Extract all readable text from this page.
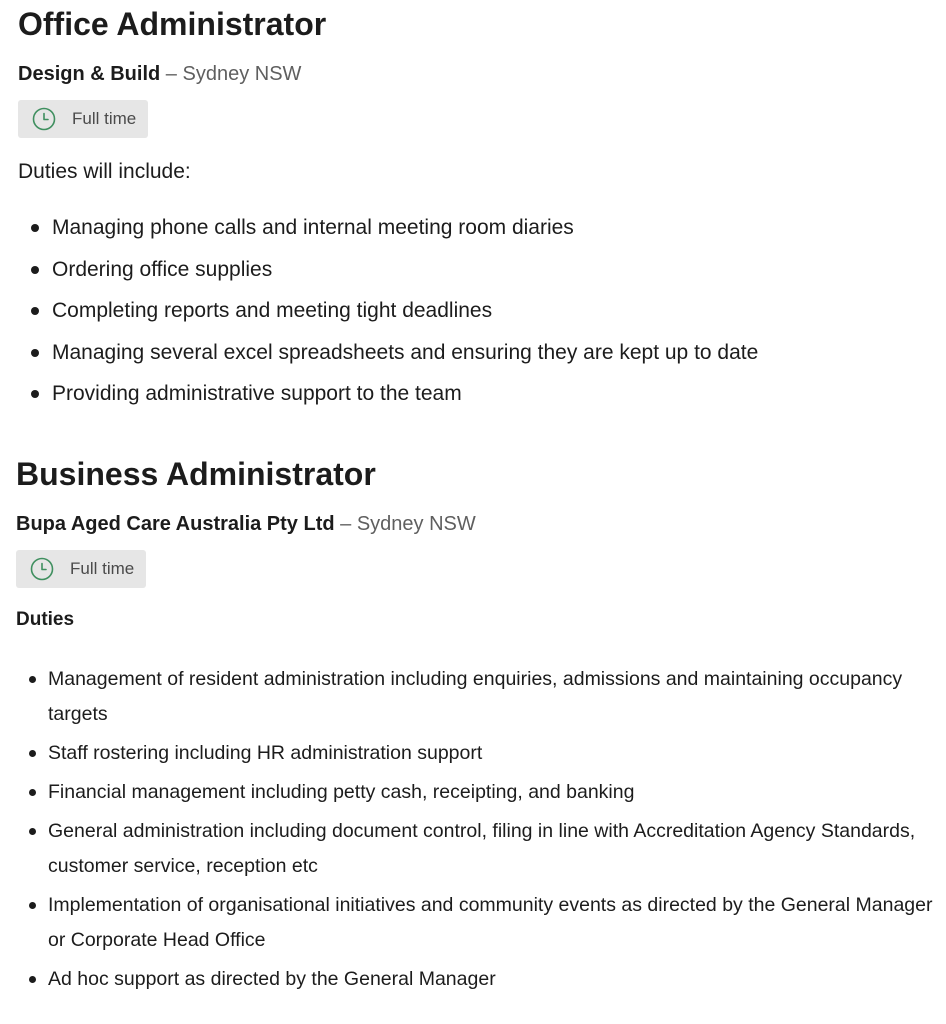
Office Administrator
Design & Build – Sydney NSW
Full time
Duties will include:
Managing phone calls and internal meeting room diaries
Ordering office supplies
Completing reports and meeting tight deadlines
Managing several excel spreadsheets and ensuring they are kept up to date
Providing administrative support to the team
Business Administrator
Bupa Aged Care Australia Pty Ltd – Sydney NSW
Full time
Duties
Management of resident administration including enquiries, admissions and maintaining occupancy targets
Staff rostering including HR administration support
Financial management including petty cash, receipting, and banking
General administration including document control, filing in line with Accreditation Agency Standards, customer service, reception etc
Implementation of organisational initiatives and community events as directed by the General Manager or Corporate Head Office
Ad hoc support as directed by the General Manager
